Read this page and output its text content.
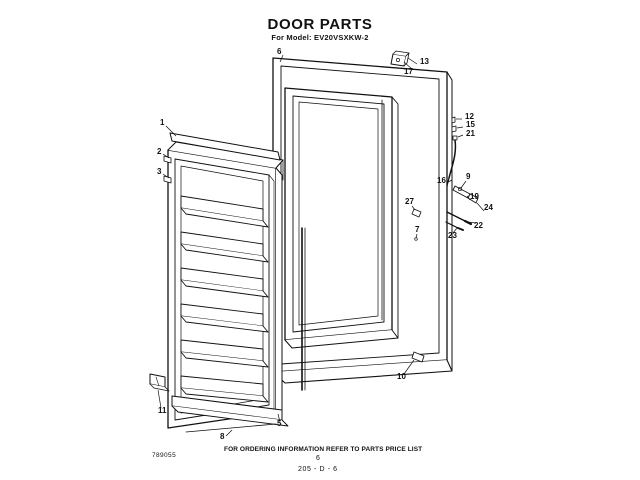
DOOR PARTS
For Model: EV20VSXKW-2
6
17
13
12
15
21
1
2
3
16	9
27
19
24
23
22
7
10
11
5
8
FOR ORDERING INFORMATION REFER TO PARTS PRICE LIST
789055	6
205 - D - 6
